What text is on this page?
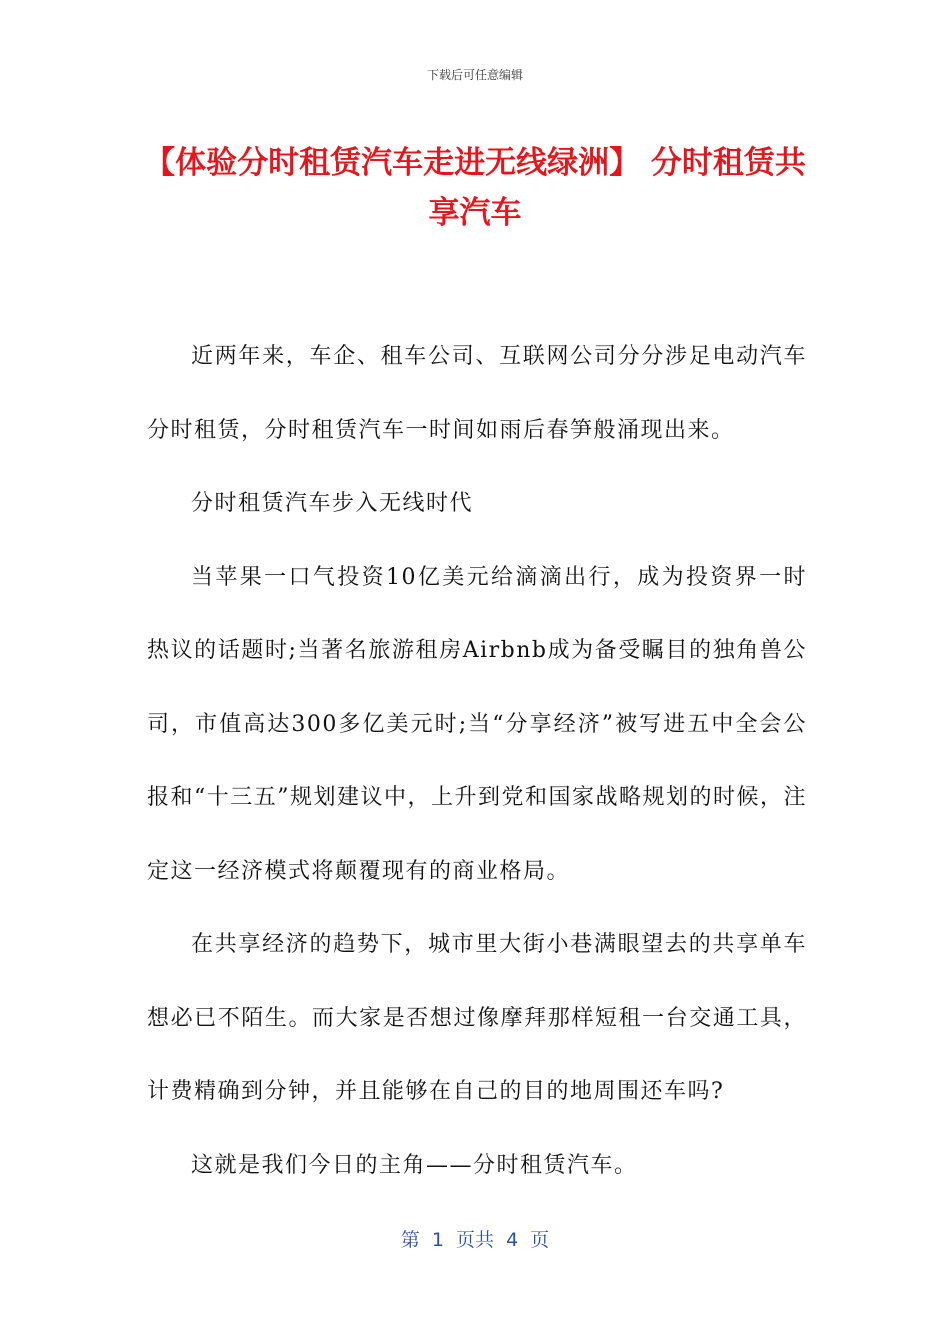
下载后可任意编辑
【体验分时租赁汽车走进无线绿洲】 分时租赁共享汽车

近两年来，车企、租车公司、互联网公司分分涉足电动汽车分时租赁，分时租赁汽车一时间如雨后春笋般涌现出来。

分时租赁汽车步入无线时代

当苹果一口气投资10亿美元给滴滴出行，成为投资界一时热议的话题时;当著名旅游租房Airbnb成为备受瞩目的独角兽公司，市值高达300多亿美元时;当“分享经济”被写进五中全会公报和“十三五”规划建议中，上升到党和国家战略规划的时候，注定这一经济模式将颠覆现有的商业格局。

在共享经济的趋势下，城市里大街小巷满眼望去的共享单车想必已不陌生。而大家是否想过像摩拜那样短租一台交通工具，计费精确到分钟，并且能够在自己的目的地周围还车吗?

这就是我们今日的主角——分时租赁汽车。

第  1  页共  4  页
